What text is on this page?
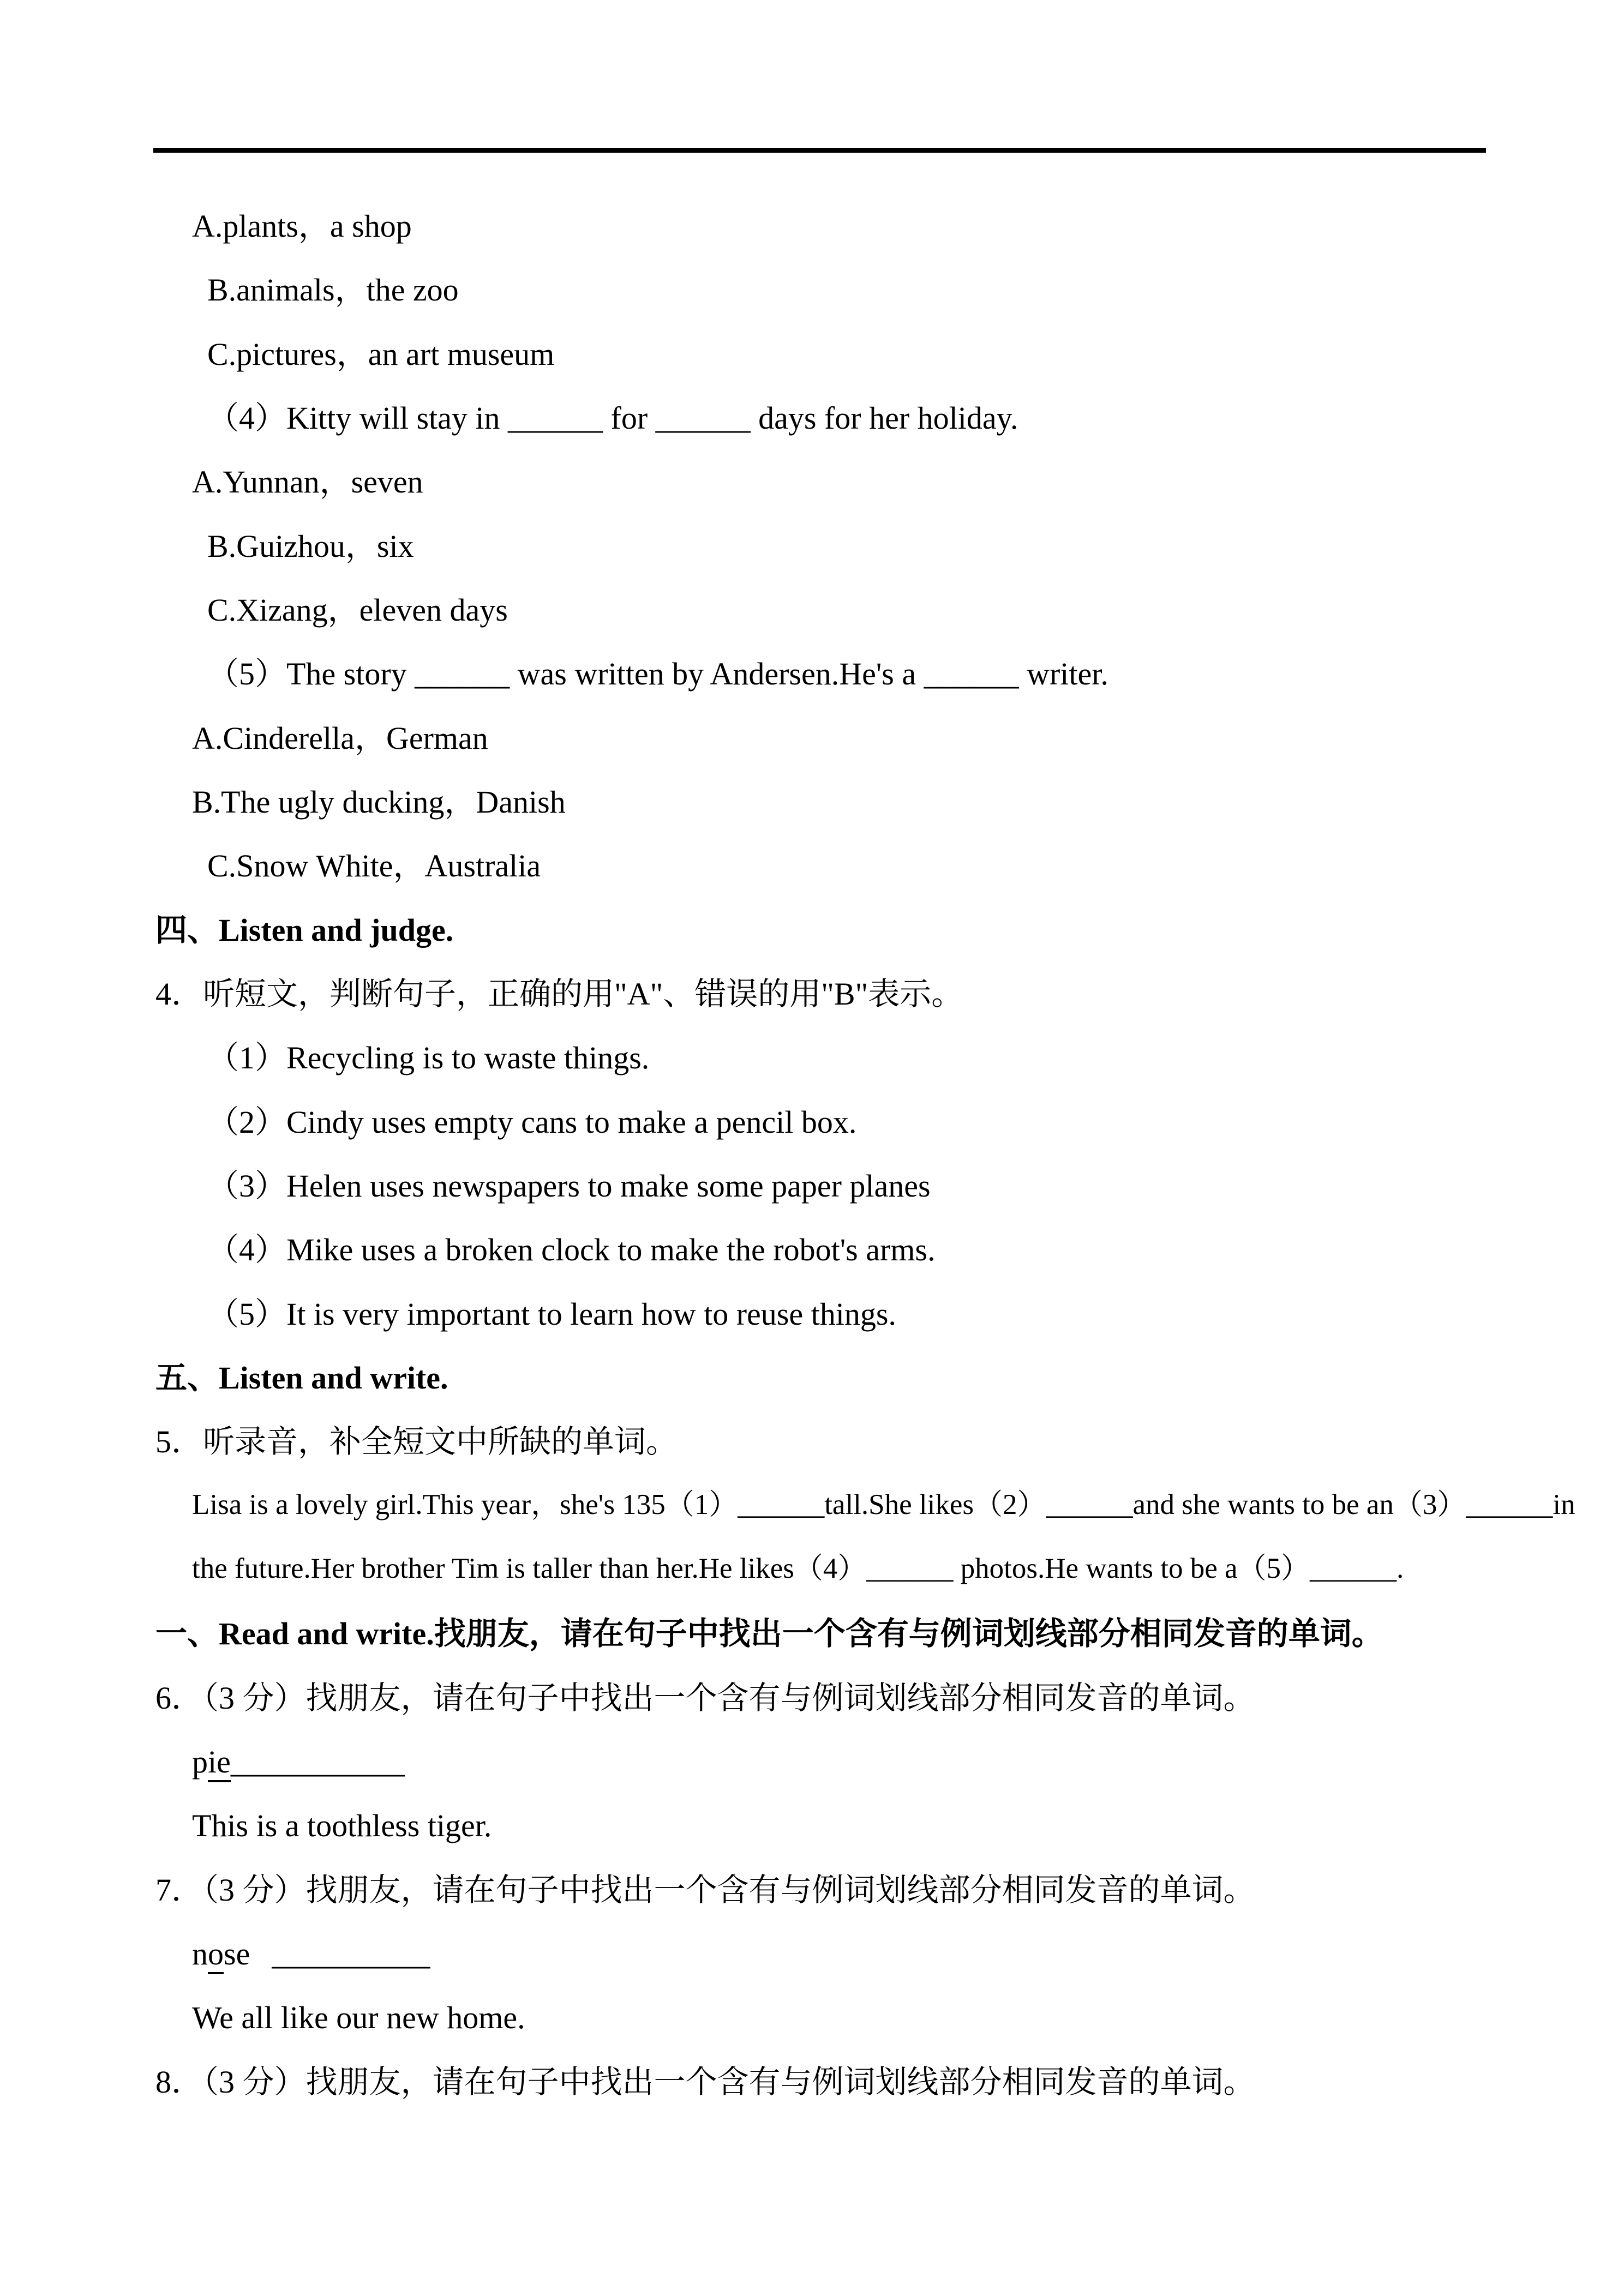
A.plants，a shop
B.animals，the zoo
C.pictures，an art museum
（4）Kitty will stay in ______ for ______ days for her holiday.
A.Yunnan，seven
B.Guizhou，six
C.Xizang，eleven days
（5）The story ______ was written by Andersen.He's a ______ writer.
A.Cinderella，German
B.The ugly ducking，Danish
C.Snow White，Australia
四、Listen and judge.
4．听短文，判断句子，正确的用"A"、错误的用"B"表示。
（1）Recycling is to waste things.
（2）Cindy uses empty cans to make a pencil box.
（3）Helen uses newspapers to make some paper planes
（4）Mike uses a broken clock to make the robot's arms.
（5）It is very important to learn how to reuse things.
五、Listen and write.
5．听录音，补全短文中所缺的单词。
Lisa is a lovely girl.This year，she's 135（1）______tall.She likes（2）______and she wants to be an（3）______in
the future.Her brother Tim is taller than her.He likes（4）______ photos.He wants to be a（5）______.
一、Read and write.找朋友，请在句子中找出一个含有与例词划线部分相同发音的单词。
6．（3 分）找朋友，请在句子中找出一个含有与例词划线部分相同发音的单词。
pie___________
This is a toothless tiger.
7．（3 分）找朋友，请在句子中找出一个含有与例词划线部分相同发音的单词。
nose __________
We all like our new home.
8．（3 分）找朋友，请在句子中找出一个含有与例词划线部分相同发音的单词。
